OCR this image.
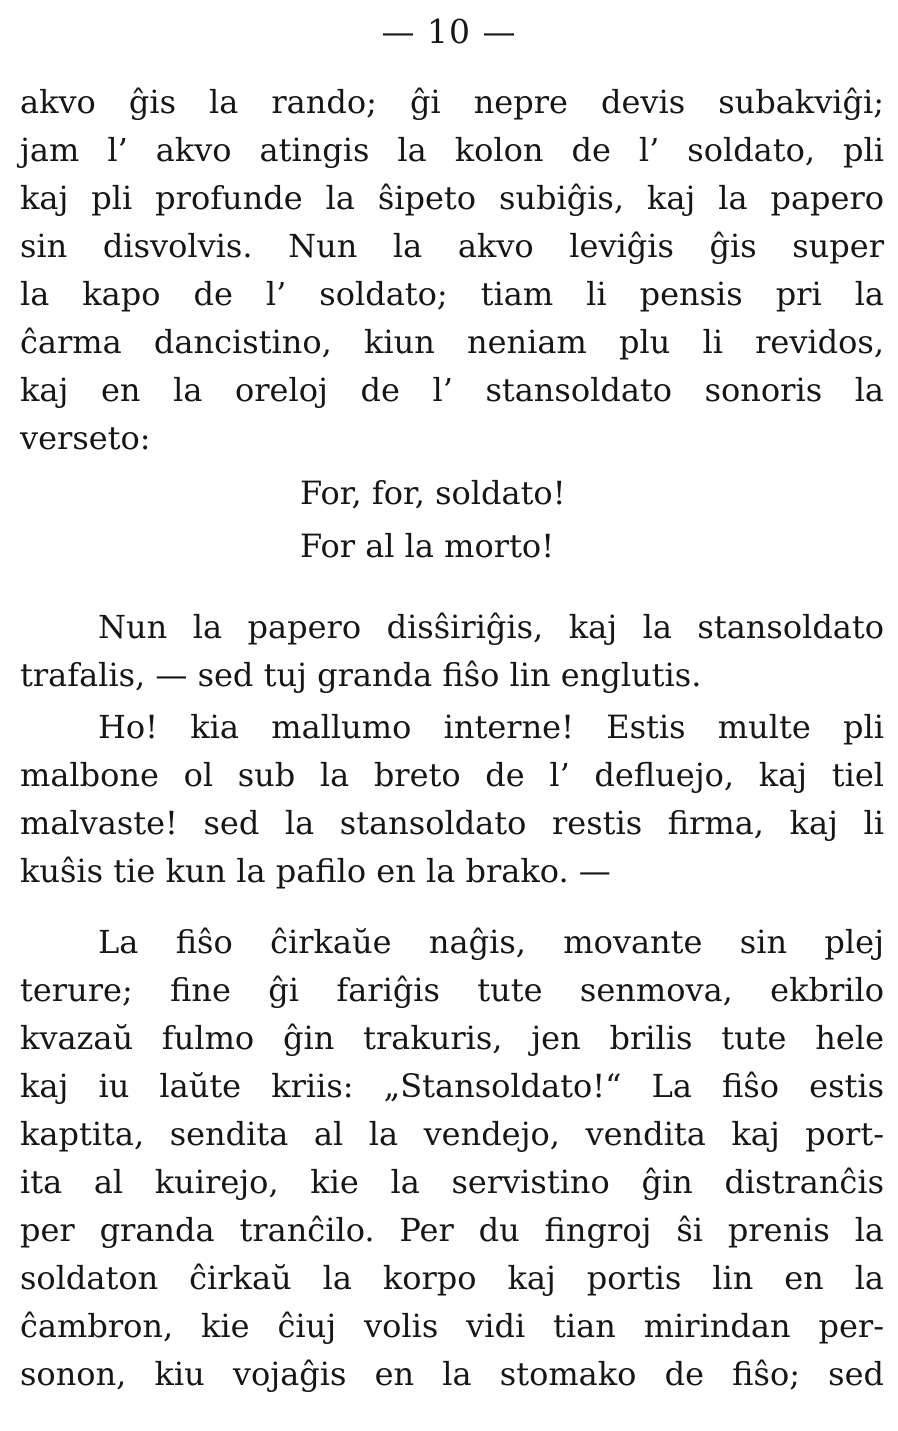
— 10 —
akvo ĝis la rando; ĝi nepre devis subakviĝi;
jam l’ akvo atingis la kolon de l’ soldato, pli
kaj pli profunde la ŝipeto subiĝis, kaj la papero
sin disvolvis. Nun la akvo leviĝis ĝis super
la kapo de l’ soldato; tiam li pensis pri la
ĉarma dancistino, kiun neniam plu li revidos,
kaj en la oreloj de l’ stansoldato sonoris la
verseto:
For, for, soldato!
For al la morto!
Nun la papero disŝiriĝis, kaj la stansoldato
trafalis, — sed tuj granda fiŝo lin englutis.
Ho! kia mallumo interne! Estis multe pli
malbone ol sub la breto de l’ defluejo, kaj tiel
malvaste! sed la stansoldato restis firma, kaj li
kuŝis tie kun la pafilo en la brako. —
La fiŝo ĉirkaŭe naĝis, movante sin plej
terure; fine ĝi fariĝis tute senmova, ekbrilo
kvazaŭ fulmo ĝin trakuris, jen brilis tute hele
kaj iu laŭte kriis: „Stansoldato!“ La fiŝo estis
kaptita, sendita al la vendejo, vendita kaj port-
ita al kuirejo, kie la servistino ĝin distranĉis
per granda tranĉilo. Per du fingroj ŝi prenis la
soldaton ĉirkaŭ la korpo kaj portis lin en la
ĉambron, kie ĉiuj volis vidi tian mirindan per-
sonon, kiu vojaĝis en la stomako de fiŝo; sed
